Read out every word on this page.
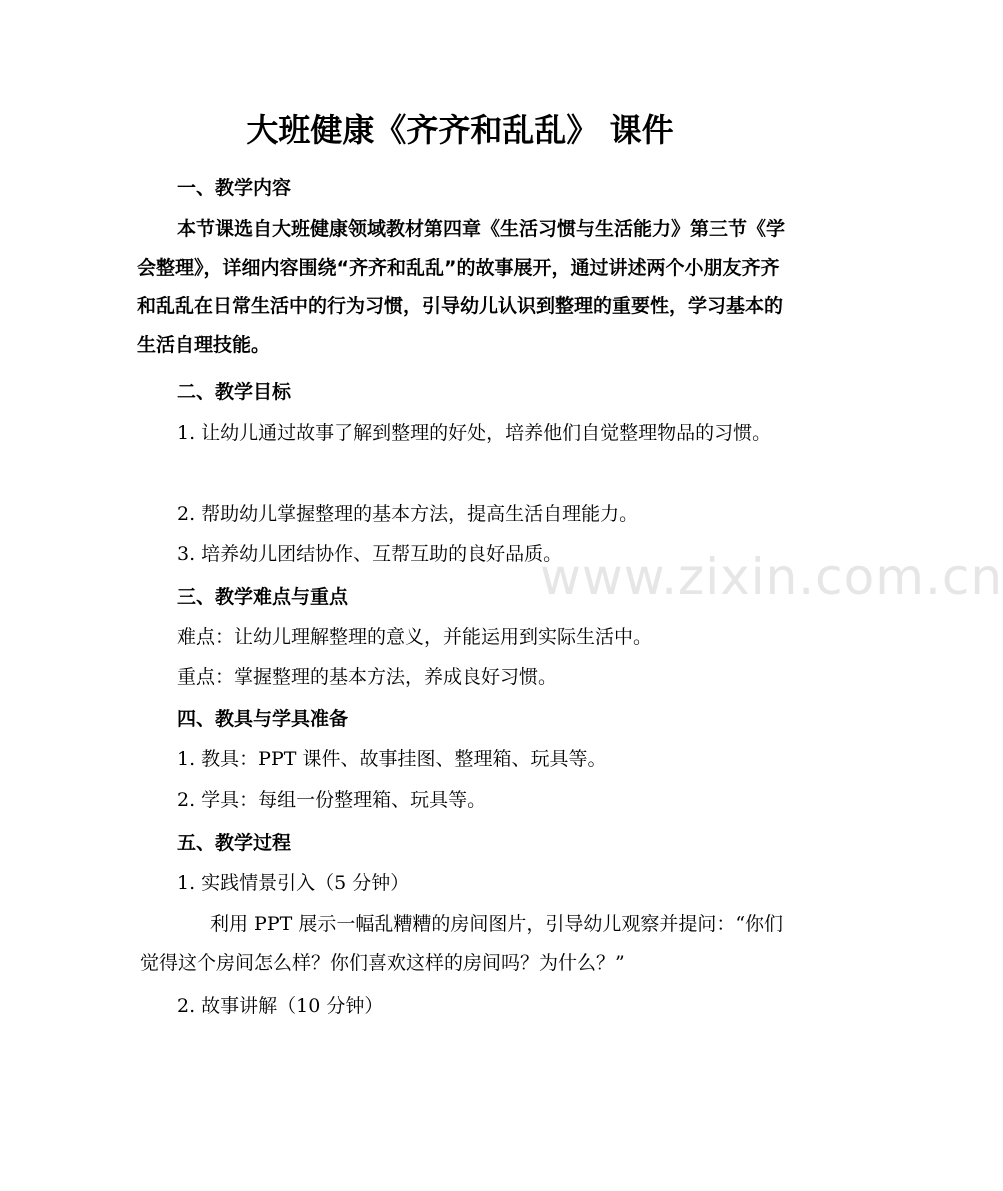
www.zixin.com.cn
大班健康《齐齐和乱乱》 课件
一、教学内容
本节课选自大班健康领域教材第四章《生活习惯与生活能力》第三节《学会整理》，详细内容围绕“齐齐和乱乱”的故事展开，通过讲述两个小朋友齐齐和乱乱在日常生活中的行为习惯，引导幼儿认识到整理的重要性，学习基本的生活自理技能。
二、教学目标
1. 让幼儿通过故事了解到整理的好处，培养他们自觉整理物品的习惯。
2. 帮助幼儿掌握整理的基本方法，提高生活自理能力。
3. 培养幼儿团结协作、互帮互助的良好品质。
三、教学难点与重点
难点：让幼儿理解整理的意义，并能运用到实际生活中。
重点：掌握整理的基本方法，养成良好习惯。
四、教具与学具准备
1. 教具：PPT 课件、故事挂图、整理箱、玩具等。
2. 学具：每组一份整理箱、玩具等。
五、教学过程
1. 实践情景引入（5 分钟）
利用 PPT 展示一幅乱糟糟的房间图片，引导幼儿观察并提问：“你们觉得这个房间怎么样？你们喜欢这样的房间吗？为什么？”
2. 故事讲解（10 分钟）
